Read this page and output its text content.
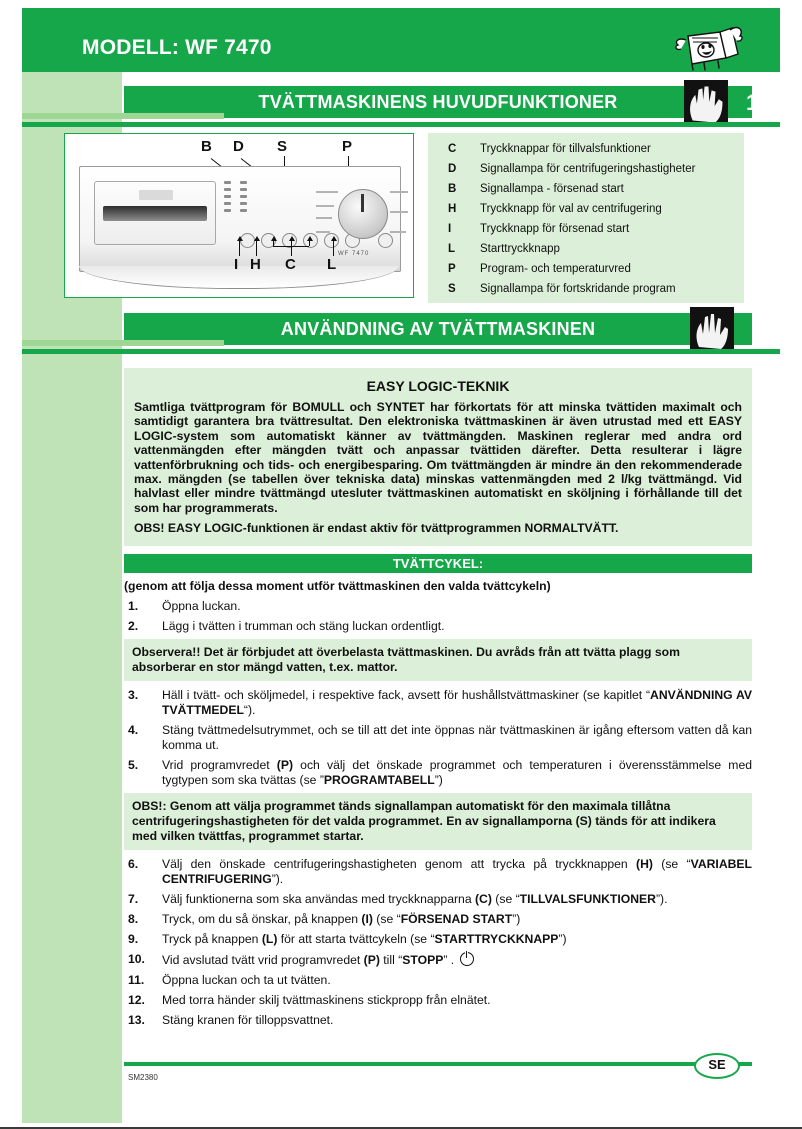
MODELL: WF 7470
TVÄTTMASKINENS HUVUDFUNKTIONER	1
B D S	P
WF 7470
I H C L
C	Tryckknappar för tillvalsfunktioner
D	Signallampa för centrifugeringshastigheter
B	Signallampa - försenad start
H	Tryckknapp för val av centrifugering
I	Tryckknapp för försenad start
L	Starttryckknapp
P	Program- och temperaturvred
S	Signallampa för fortskridande program
ANVÄNDNING AV TVÄTTMASKINEN
EASY LOGIC-TEKNIK

Samtliga tvättprogram för BOMULL och SYNTET har förkortats för att minska tvättiden maximalt och samtidigt garantera bra tvättresultat. Den elektroniska tvättmaskinen är även utrustad med ett EASY LOGIC-system som automatiskt känner av tvättmängden. Maskinen reglerar med andra ord vattenmängden efter mängden tvätt och anpassar tvättiden därefter. Detta resulterar i lägre vattenförbrukning och tids- och energibesparing. Om tvättmängden är mindre än den rekommenderade max. mängden (se tabellen över tekniska data) minskas vattenmängden med 2 l/kg tvättmängd. Vid halvlast eller mindre tvättmängd utesluter tvättmaskinen automatiskt en sköljning i förhållande till det som har programmerats.

OBS! EASY LOGIC-funktionen är endast aktiv för tvättprogrammen NORMALTVÄTT.

TVÄTTCYKEL:
(genom att följa dessa moment utför tvättmaskinen den valda tvättcykeln)
1.	Öppna luckan.
2.	Lägg i tvätten i trumman och stäng luckan ordentligt.

Observera!! Det är förbjudet att överbelasta tvättmaskinen. Du avråds från att tvätta plagg som absorberar en stor mängd vatten, t.ex. mattor.

3.	Häll i tvätt- och sköljmedel, i respektive fack, avsett för hushållstvättmaskiner (se kapitlet “ANVÄNDNING AV TVÄTTMEDEL“).
4.	Stäng tvättmedelsutrymmet, och se till att det inte öppnas när tvättmaskinen är igång eftersom vatten då kan komma ut.
5.	Vrid programvredet (P) och välj det önskade programmet och temperaturen i överensstämmelse med tygtypen som ska tvättas (se ”PROGRAMTABELL”)

OBS!: Genom att välja programmet tänds signallampan automatiskt för den maximala tillåtna centrifugeringshastigheten för det valda programmet. En av signallamporna (S) tänds för att indikera med vilken tvättfas, programmet startar.

6.	Välj den önskade centrifugeringshastigheten genom att trycka på tryckknappen (H) (se “VARIABEL CENTRIFUGERING”).
7.	Välj funktionerna som ska användas med tryckknapparna (C) (se “TILLVALSFUNKTIONER”).
8.	Tryck, om du så önskar, på knappen (I) (se “FÖRSENAD START”)
9.	Tryck på knappen (L) för att starta tvättcykeln (se “STARTTRYCKKNAPP”)
10.	Vid avslutad tvätt vrid programvredet (P) till “STOPP” .
11.	Öppna luckan och ta ut tvätten.
12.	Med torra händer skilj tvättmaskinens stickpropp från elnätet.
13.	Stäng kranen för tilloppsvattnet.
SE
SM2380
